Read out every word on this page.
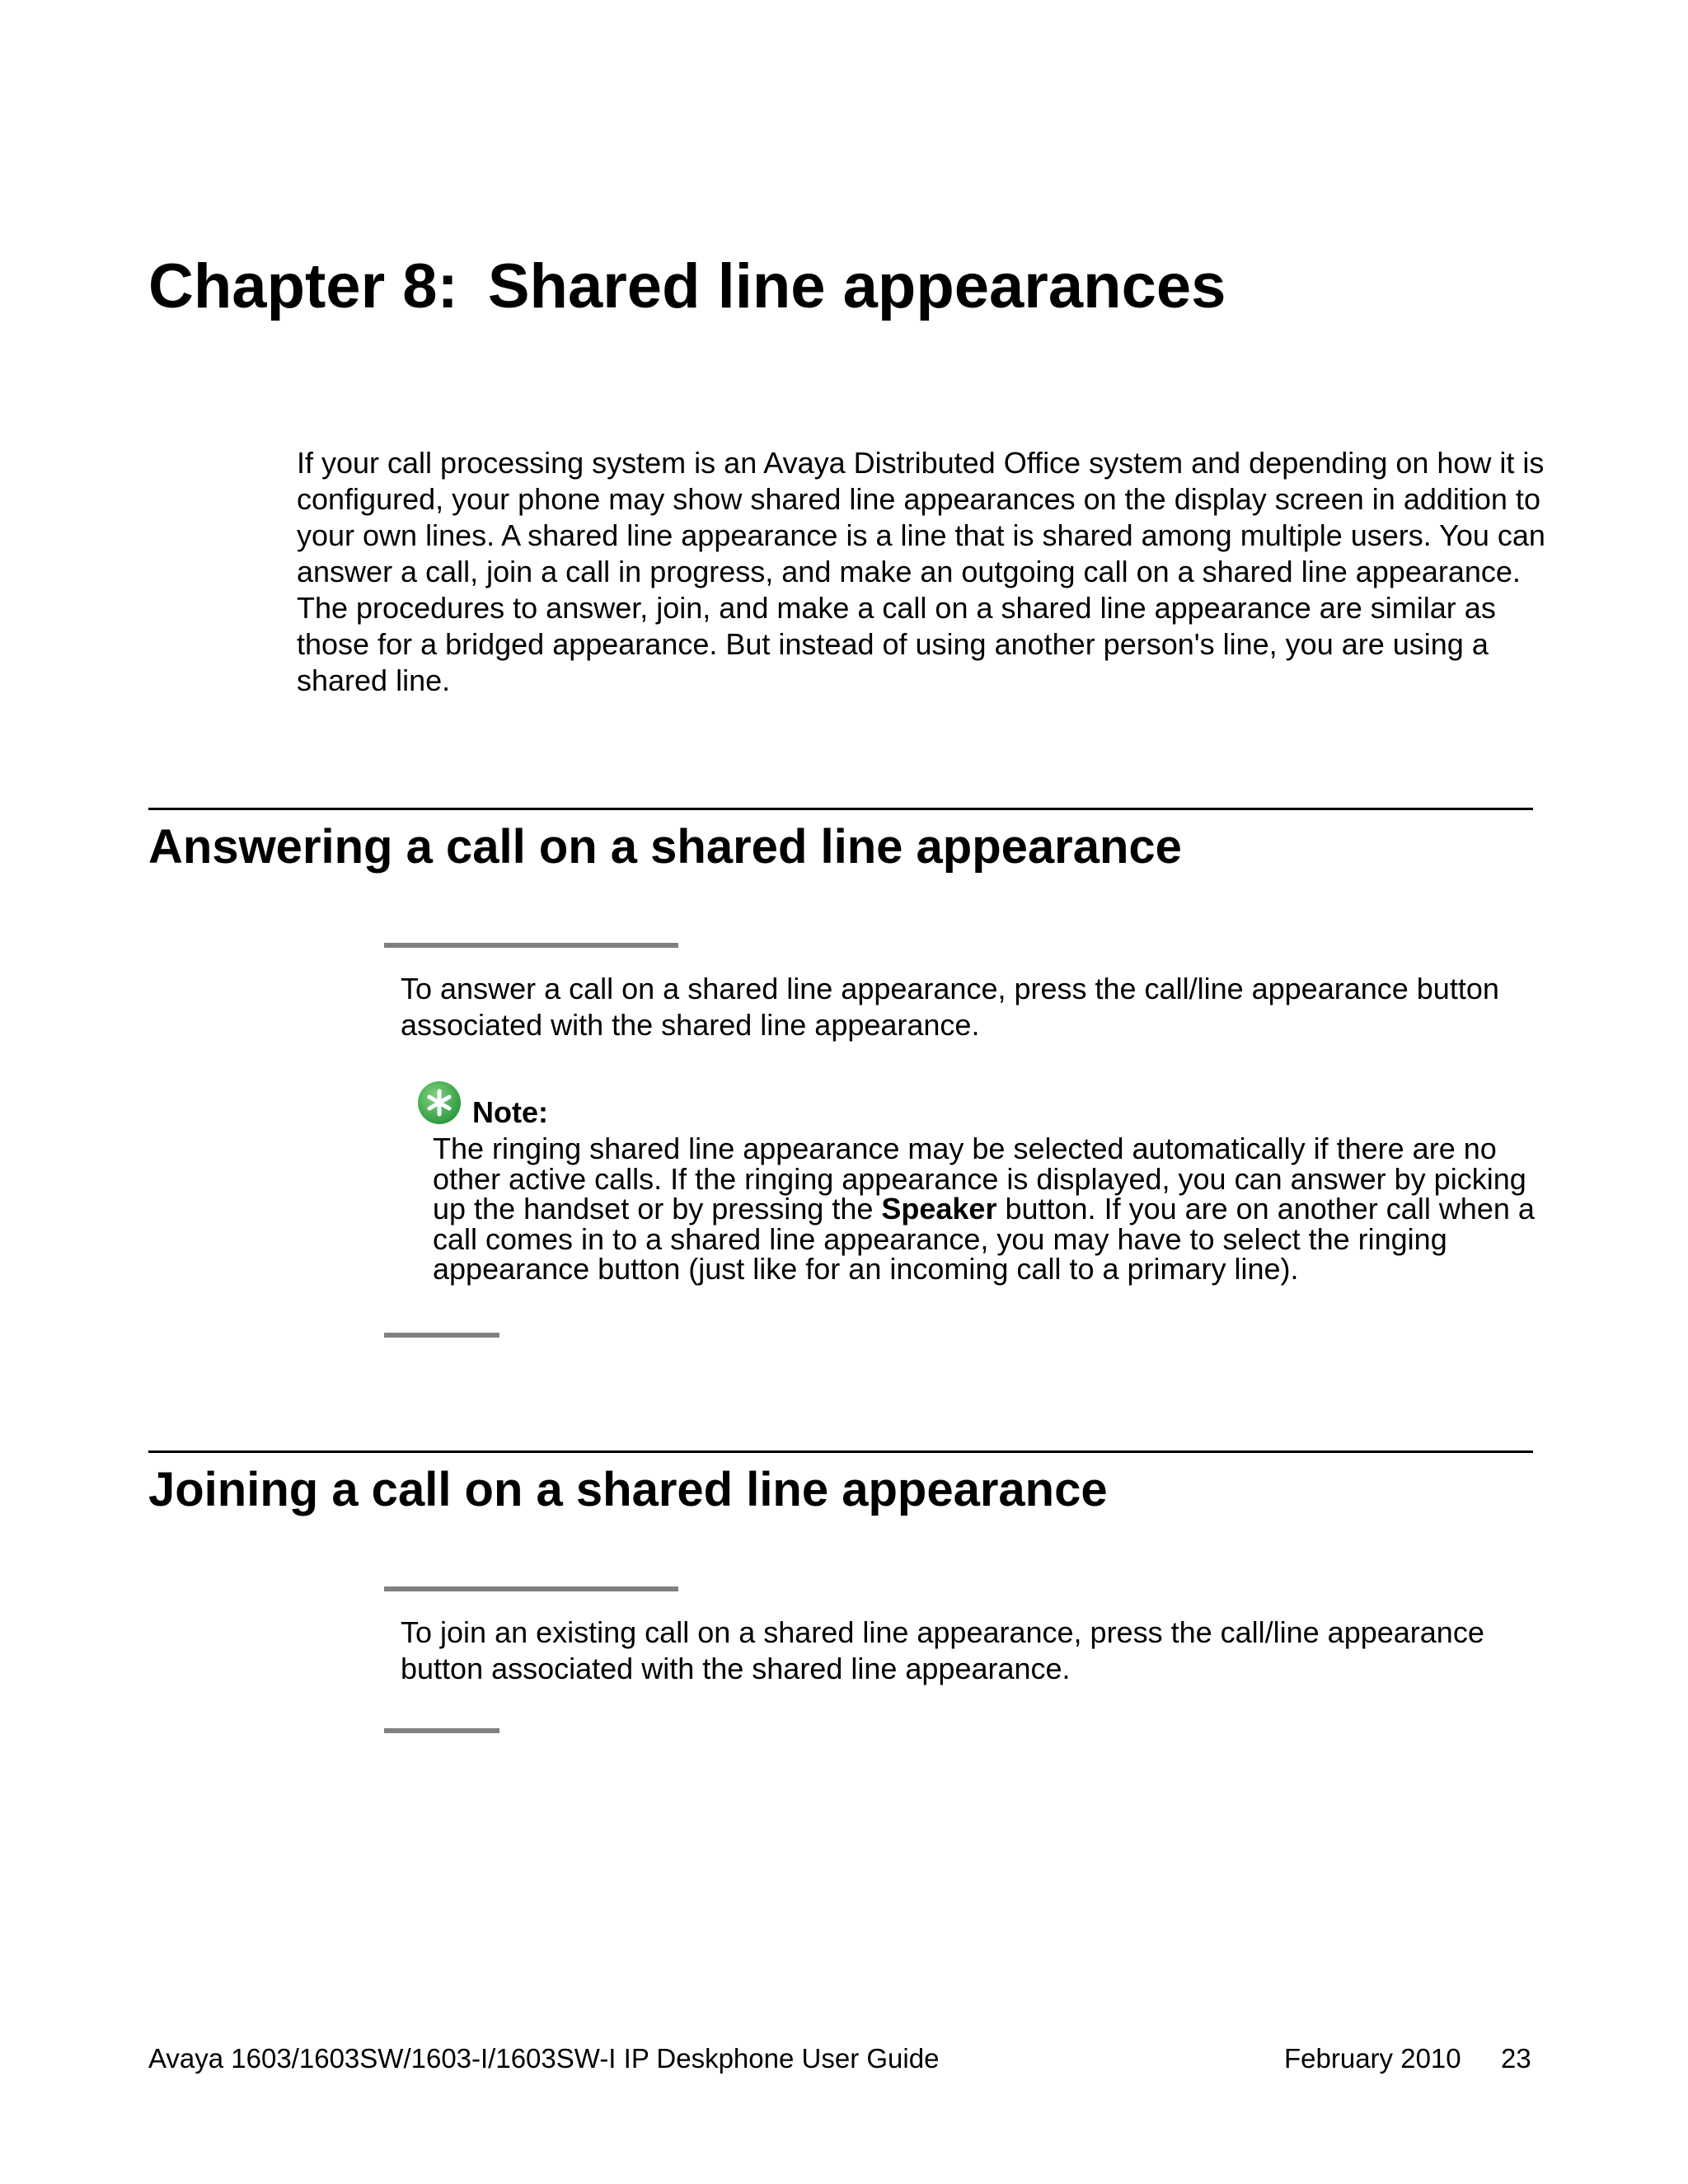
Chapter 8: Shared line appearances

If your call processing system is an Avaya Distributed Office system and depending on how it is configured, your phone may show shared line appearances on the display screen in addition to your own lines. A shared line appearance is a line that is shared among multiple users. You can answer a call, join a call in progress, and make an outgoing call on a shared line appearance. The procedures to answer, join, and make a call on a shared line appearance are similar as those for a bridged appearance. But instead of using another person's line, you are using a shared line.

Answering a call on a shared line appearance

To answer a call on a shared line appearance, press the call/line appearance button associated with the shared line appearance.

Note:

The ringing shared line appearance may be selected automatically if there are no other active calls. If the ringing appearance is displayed, you can answer by picking up the handset or by pressing the Speaker button. If you are on another call when a call comes in to a shared line appearance, you may have to select the ringing appearance button (just like for an incoming call to a primary line).

Joining a call on a shared line appearance

To join an existing call on a shared line appearance, press the call/line appearance button associated with the shared line appearance.

Avaya 1603/1603SW/1603-I/1603SW-I IP Deskphone User Guide	February 2010 23
